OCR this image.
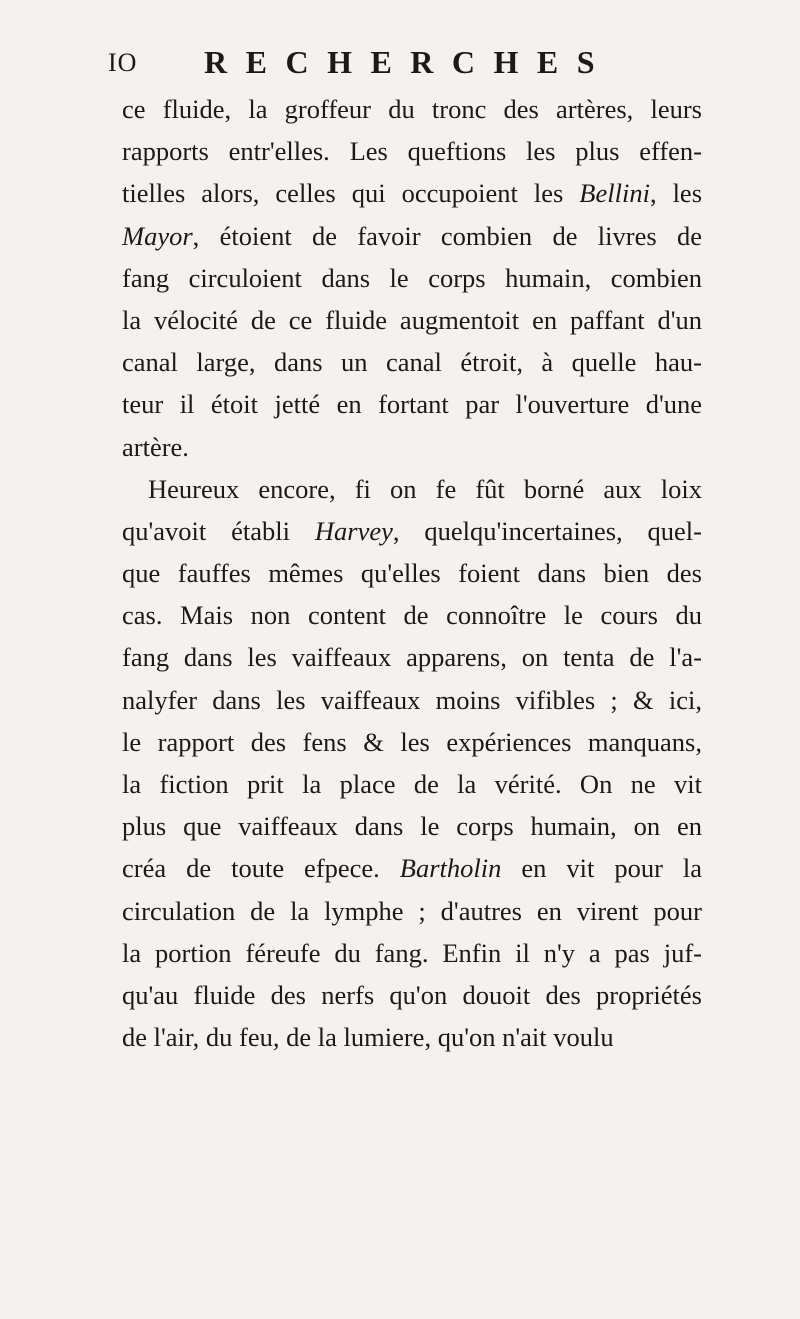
IO RECHERCHES
ce fluide, la groffeur du tronc des artères, leurs
rapports entr'elles. Les queftions les plus effen-
tielles alors, celles qui occupoient les Bellini, les
Mayor, étoient de favoir combien de livres de
fang circuloient dans le corps humain, combien
la vélocité de ce fluide augmentoit en paffant d'un
canal large, dans un canal étroit, à quelle hau-
teur il étoit jetté en fortant par l'ouverture d'une
artère.
Heureux encore, fi on fe fût borné aux loix
qu'avoit établi Harvey, quelqu'incertaines, quel-
que fauffes mêmes qu'elles foient dans bien des
cas. Mais non content de connoître le cours du
fang dans les vaiffeaux apparens, on tenta de l'a-
nalyfer dans les vaiffeaux moins vifibles ; & ici,
le rapport des fens & les expériences manquans,
la fiction prit la place de la vérité. On ne vit
plus que vaiffeaux dans le corps humain, on en
créa de toute efpece. Bartholin en vit pour la
circulation de la lymphe ; d'autres en virent pour
la portion féreufe du fang. Enfin il n'y a pas juf-
qu'au fluide des nerfs qu'on douoit des propriétés
de l'air, du feu, de la lumiere, qu'on n'ait voulu
